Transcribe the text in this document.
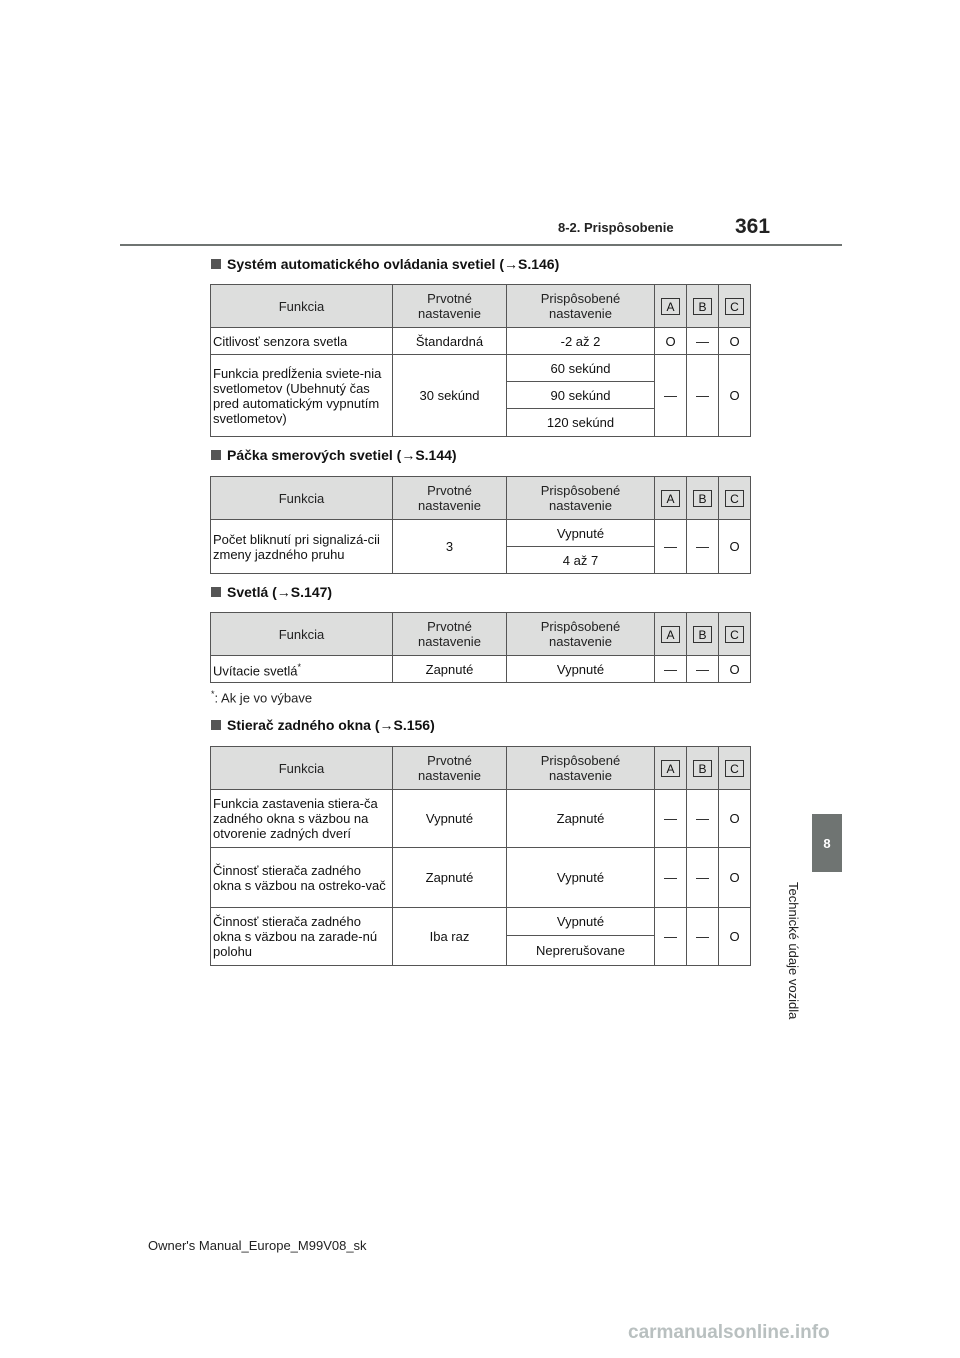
8-2. Prispôsobenie	361
8
Technické údaje vozidla
Systém automatického ovládania svetiel (→S.146)
Funkcia	Prvotné nastavenie	Prispôsobené nastavenie	A	B	C
Citlivosť senzora svetla	Štandardná	-2 až 2	O	—	O
Funkcia predĺženia sviete-nia svetlometov (Ubehnutý čas pred automatickým vypnutím svetlometov)	30 sekúnd	60 sekúnd	—	—	O
		90 sekúnd			
		120 sekúnd			
Páčka smerových svetiel (→S.144)
Funkcia	Prvotné nastavenie	Prispôsobené nastavenie	A	B	C
Počet bliknutí pri signalizá-cii zmeny jazdného pruhu	3	Vypnuté	—	—	O
		4 až 7			
Svetlá (→S.147)
Funkcia	Prvotné nastavenie	Prispôsobené nastavenie	A	B	C
Uvítacie svetlá*	Zapnuté	Vypnuté	—	—	O
*: Ak je vo výbave
Stierač zadného okna (→S.156)
Funkcia	Prvotné nastavenie	Prispôsobené nastavenie	A	B	C
Funkcia zastavenia stiera-ča zadného okna s väzbou na otvorenie zadných dverí	Vypnuté	Zapnuté	—	—	O
Činnosť stierača zadného okna s väzbou na ostreko-vač	Zapnuté	Vypnuté	—	—	O
Činnosť stierača zadného okna s väzbou na zarade-nú polohu	Iba raz	Vypnuté	—	—	O
		Neprerušovane			
Owner's Manual_Europe_M99V08_sk
carmanualsonline.info
